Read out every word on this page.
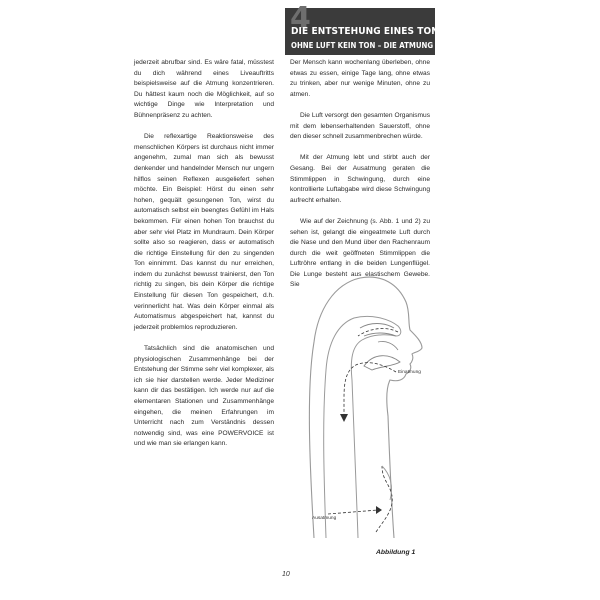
4
DIE ENTSTEHUNG EINES TONES
OHNE LUFT KEIN TON – DIE ATMUNG

jederzeit abrufbar sind. Es wäre fatal, müsstest du dich während eines Liveauftritts beispielsweise auf die Atmung konzentrieren. Du hättest kaum noch die Möglichkeit, auf so wichtige Dinge wie Interpretation und Bühnenpräsenz zu achten.

Die reflexartige Reaktionsweise des menschlichen Körpers ist durchaus nicht immer angenehm, zumal man sich als bewusst denkender und handelnder Mensch nur ungern hilflos seinen Reflexen ausgeliefert sehen möchte. Ein Beispiel: Hörst du einen sehr hohen, gequält gesungenen Ton, wirst du automatisch selbst ein beengtes Gefühl im Hals bekommen. Für einen hohen Ton brauchst du aber sehr viel Platz im Mundraum. Dein Körper sollte also so reagieren, dass er automatisch die richtige Einstellung für den zu singenden Ton einnimmt. Das kannst du nur erreichen, indem du zunächst bewusst trainierst, den Ton richtig zu singen, bis dein Körper die richtige Einstellung für diesen Ton gespeichert, d.h. verinnerlicht hat. Was dein Körper einmal als Automatismus abgespeichert hat, kannst du jederzeit problemlos reproduzieren.

Tatsächlich sind die anatomischen und physiologischen Zusammenhänge bei der Entstehung der Stimme sehr viel komplexer, als ich sie hier darstellen werde. Jeder Mediziner kann dir das bestätigen. Ich werde nur auf die elementaren Stationen und Zusammenhänge eingehen, die meinen Erfahrungen im Unterricht nach zum Verständnis dessen notwendig sind, was eine POWERVOICE ist und wie man sie erlangen kann.

Der Mensch kann wochenlang überleben, ohne etwas zu essen, einige Tage lang, ohne etwas zu trinken, aber nur wenige Minuten, ohne zu atmen.

Die Luft versorgt den gesamten Organismus mit dem lebenserhaltenden Sauerstoff, ohne den dieser schnell zusammenbrechen würde.

Mit der Atmung lebt und stirbt auch der Gesang. Bei der Ausatmung geraten die Stimmlippen in Schwingung, durch eine kontrollierte Luftabgabe wird diese Schwingung aufrecht erhalten.

Wie auf der Zeichnung (s. Abb. 1 und 2) zu sehen ist, gelangt die eingeatmete Luft durch die Nase und den Mund über den Rachenraum durch die weit geöffneten Stimmlippen die Luftröhre entlang in die beiden Lungenflügel. Die Lunge besteht aus elastischem Gewebe. Sie

Einatmung
Ausatmung
Abbildung 1
10
